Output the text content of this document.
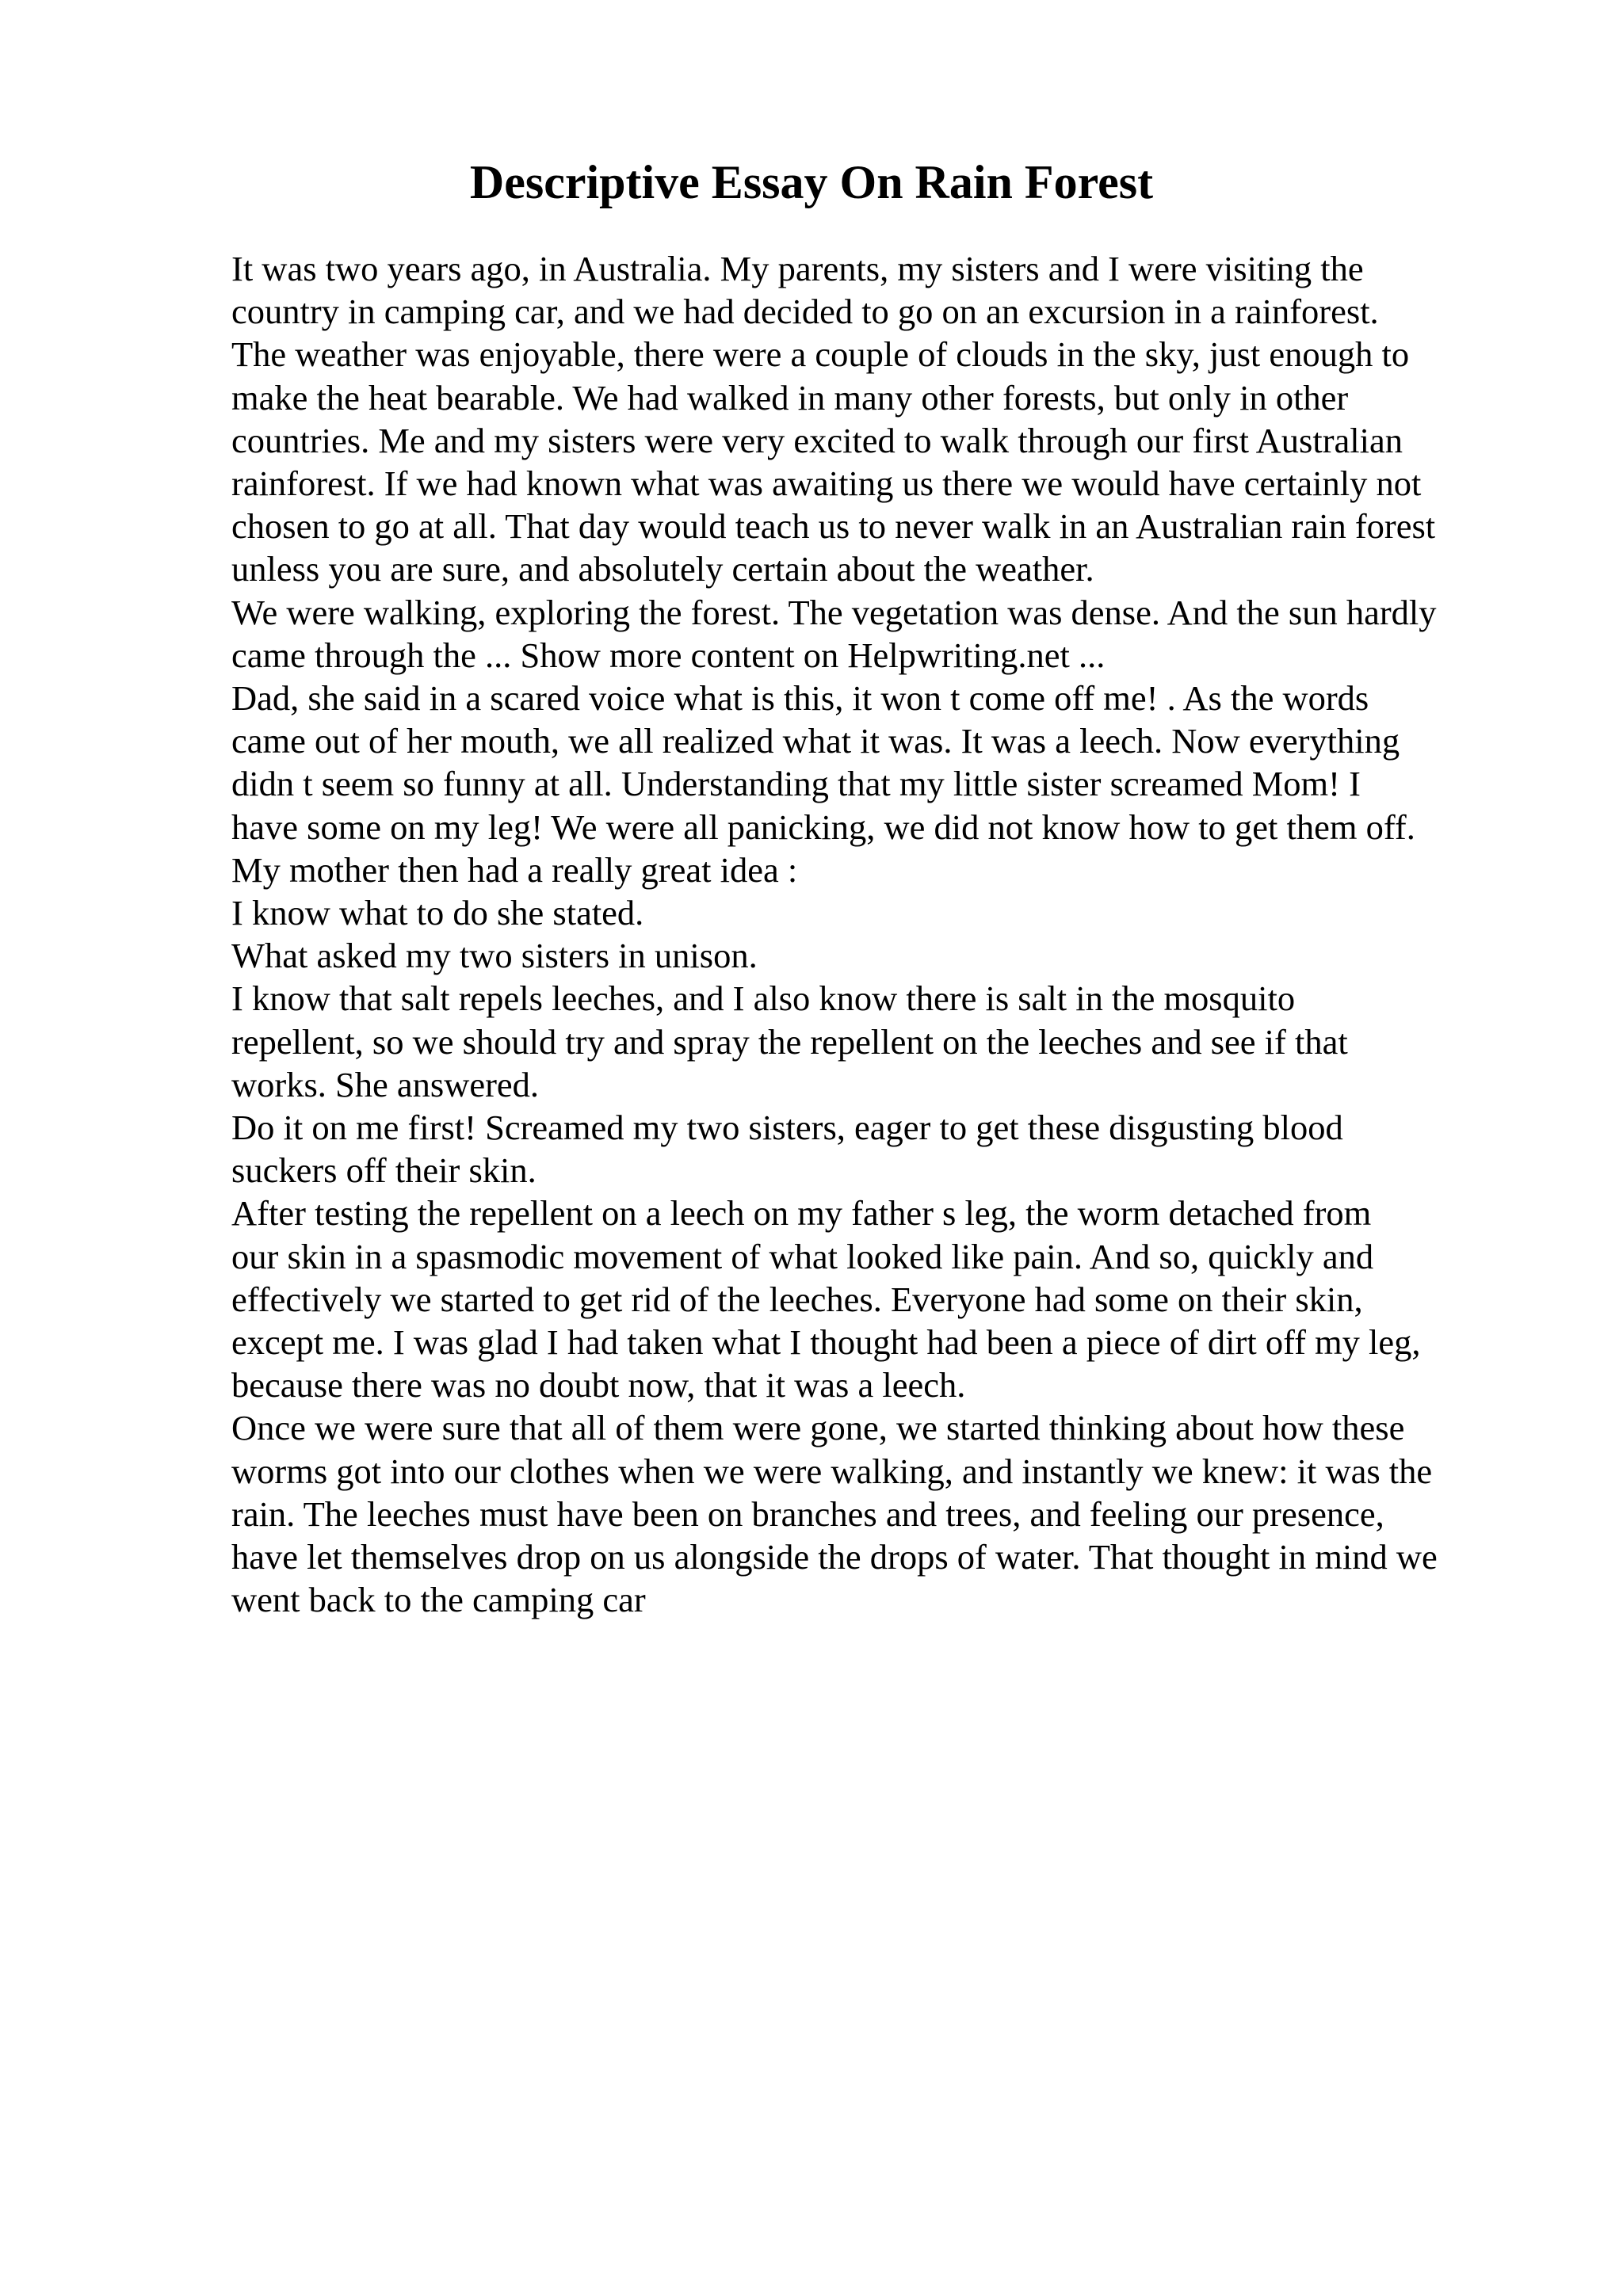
Descriptive Essay On Rain Forest
It was two years ago, in Australia. My parents, my sisters and I were visiting the
country in camping car, and we had decided to go on an excursion in a rainforest.
The weather was enjoyable, there were a couple of clouds in the sky, just enough to
make the heat bearable. We had walked in many other forests, but only in other
countries. Me and my sisters were very excited to walk through our first Australian
rainforest. If we had known what was awaiting us there we would have certainly not
chosen to go at all. That day would teach us to never walk in an Australian rain forest
unless you are sure, and absolutely certain about the weather.
We were walking, exploring the forest. The vegetation was dense. And the sun hardly
came through the ... Show more content on Helpwriting.net ...
Dad, she said in a scared voice what is this, it won t come off me! . As the words
came out of her mouth, we all realized what it was. It was a leech. Now everything
didn t seem so funny at all. Understanding that my little sister screamed Mom! I
have some on my leg! We were all panicking, we did not know how to get them off.
My mother then had a really great idea :
I know what to do she stated.
What asked my two sisters in unison.
I know that salt repels leeches, and I also know there is salt in the mosquito
repellent, so we should try and spray the repellent on the leeches and see if that
works. She answered.
Do it on me first! Screamed my two sisters, eager to get these disgusting blood
suckers off their skin.
After testing the repellent on a leech on my father s leg, the worm detached from
our skin in a spasmodic movement of what looked like pain. And so, quickly and
effectively we started to get rid of the leeches. Everyone had some on their skin,
except me. I was glad I had taken what I thought had been a piece of dirt off my leg,
because there was no doubt now, that it was a leech.
Once we were sure that all of them were gone, we started thinking about how these
worms got into our clothes when we were walking, and instantly we knew: it was the
rain. The leeches must have been on branches and trees, and feeling our presence,
have let themselves drop on us alongside the drops of water. That thought in mind we
went back to the camping car
